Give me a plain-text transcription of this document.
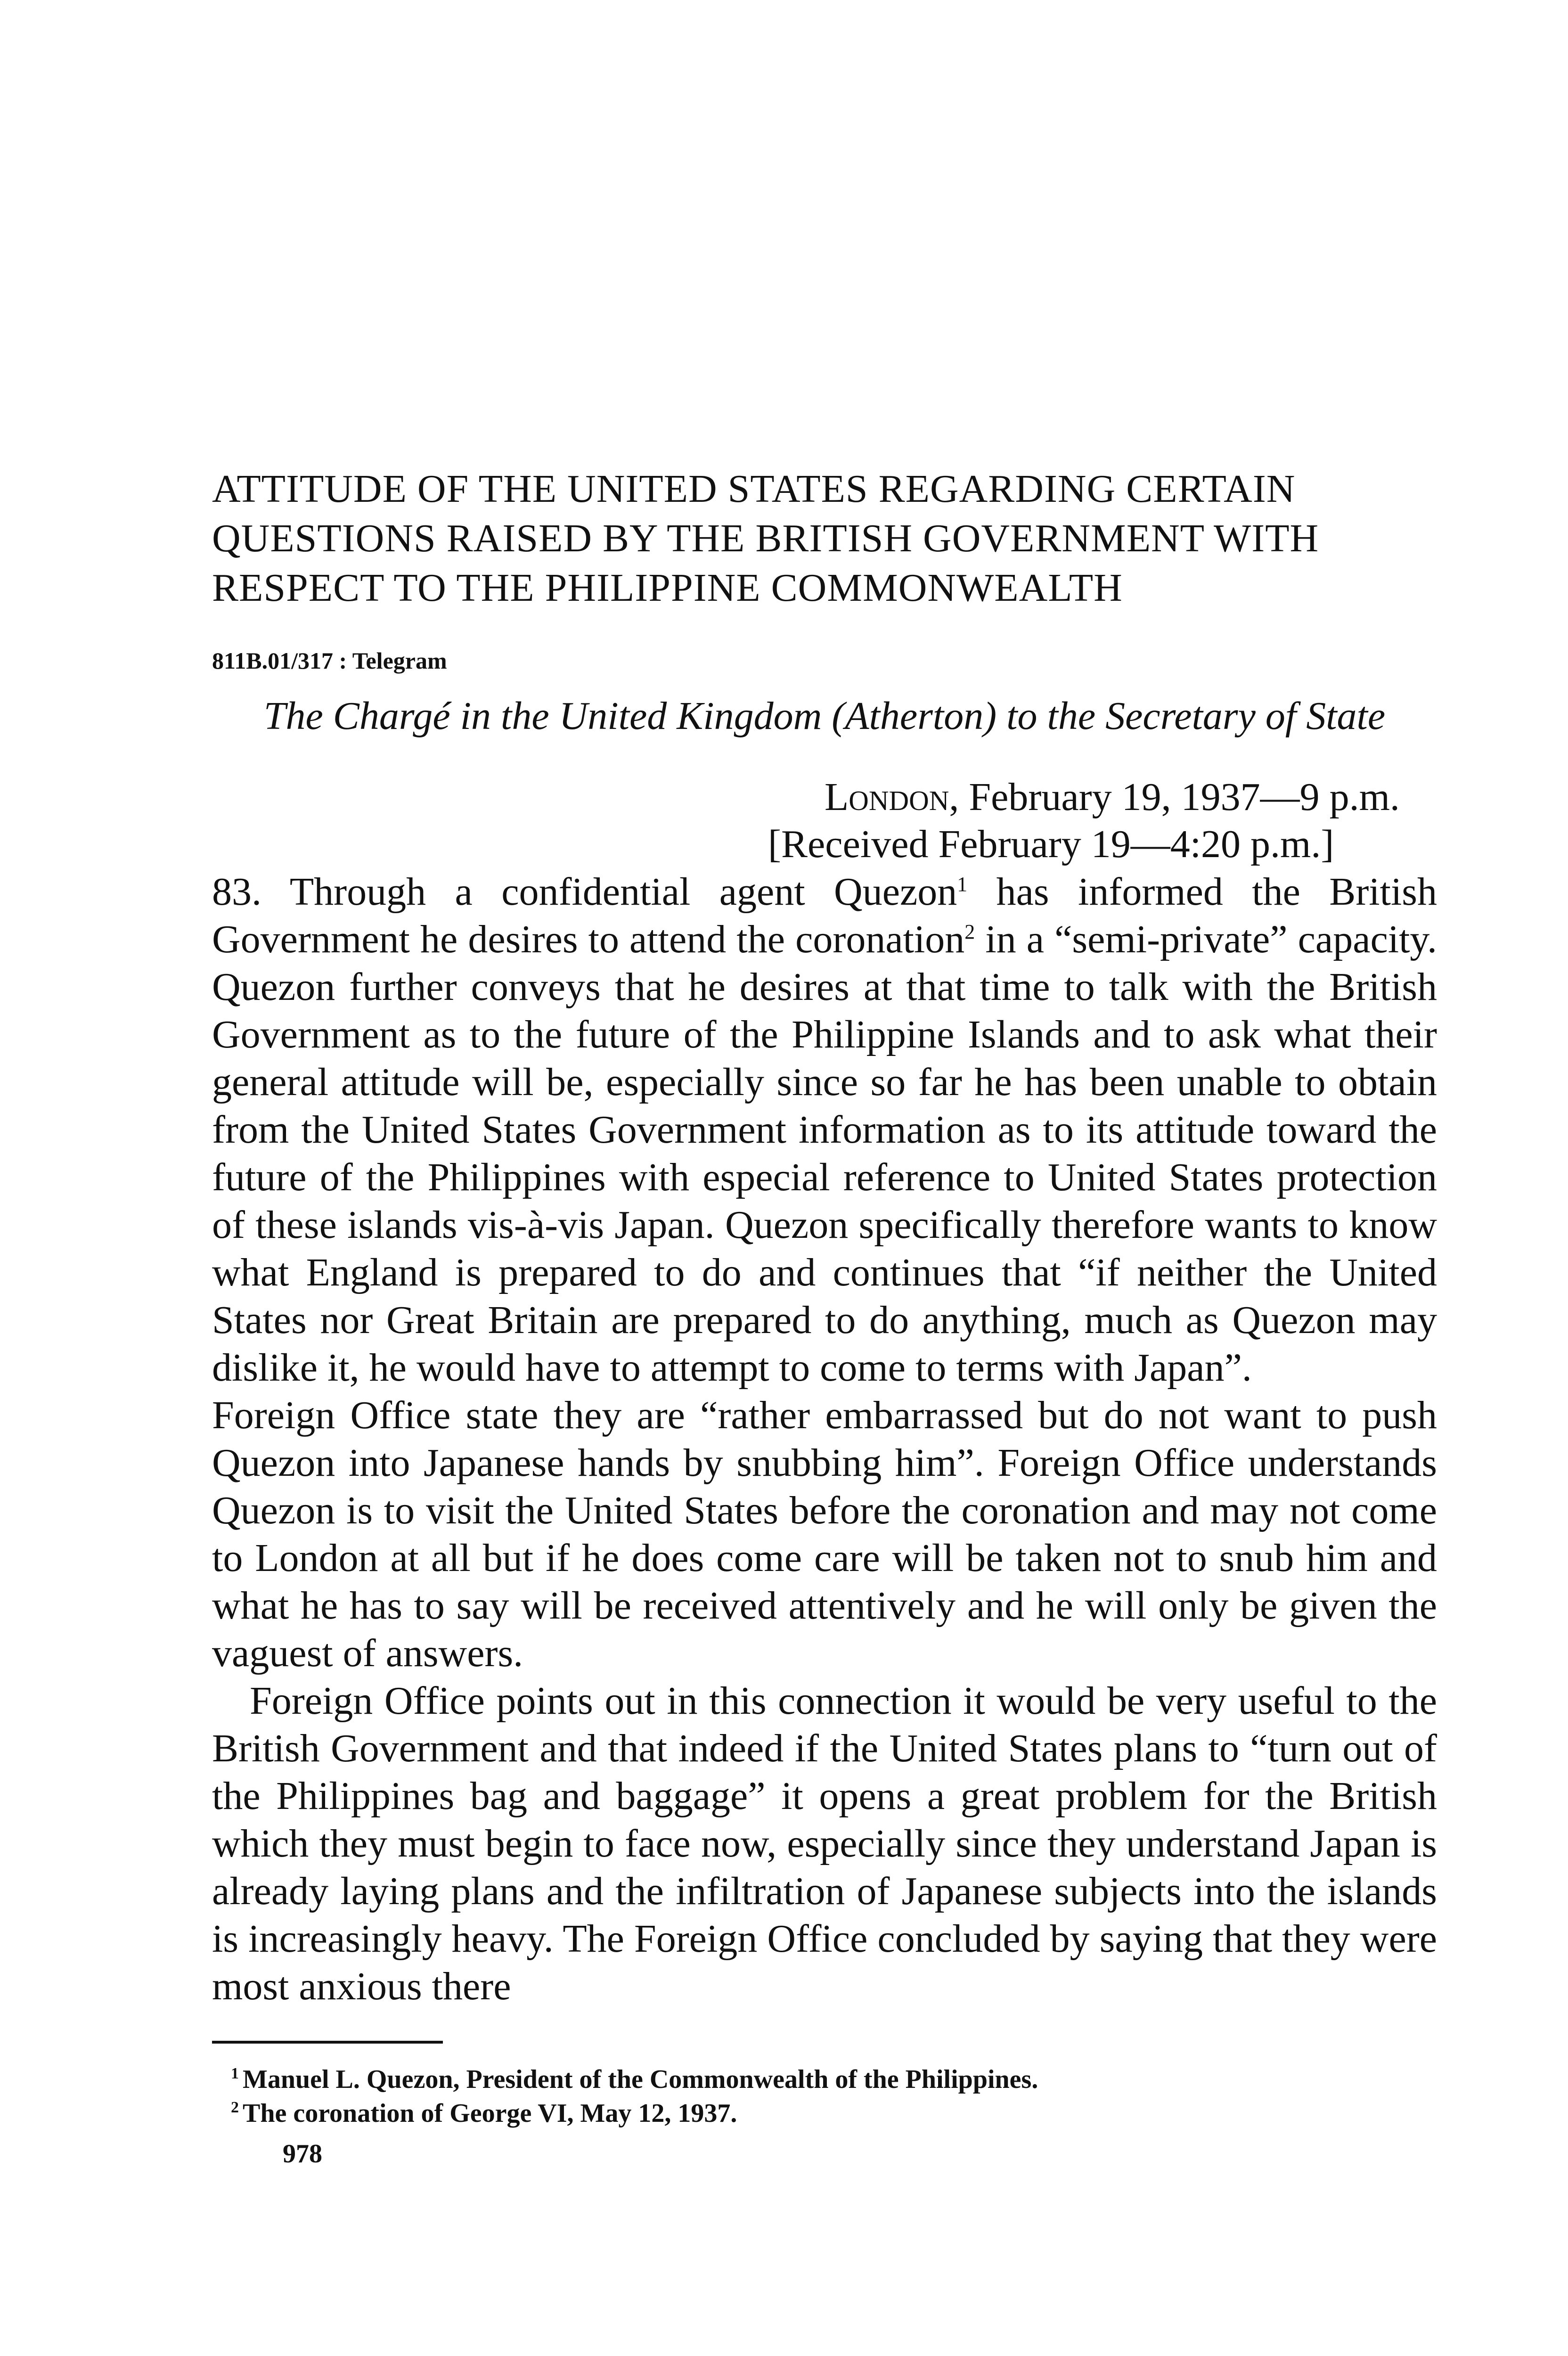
ATTITUDE OF THE UNITED STATES REGARDING CERTAIN QUESTIONS RAISED BY THE BRITISH GOVERNMENT WITH RESPECT TO THE PHILIPPINE COMMONWEALTH
811B.01/317 : Telegram
The Chargé in the United Kingdom (Atherton) to the Secretary of State
London, February 19, 1937—9 p.m.
[Received February 19—4:20 p.m.]

83. Through a confidential agent Quezon$^1$ has informed the British Government he desires to attend the coronation$^2$ in a “semi-private” capacity. Quezon further conveys that he desires at that time to talk with the British Government as to the future of the Philippine Islands and to ask what their general attitude will be, especially since so far he has been unable to obtain from the United States Government information as to its attitude toward the future of the Philippines with especial reference to United States protection of these islands vis-à-vis Japan. Quezon specifically therefore wants to know what England is prepared to do and continues that “if neither the United States nor Great Britain are prepared to do anything, much as Quezon may dislike it, he would have to attempt to come to terms with Japan”.

Foreign Office state they are “rather embarrassed but do not want to push Quezon into Japanese hands by snubbing him”. Foreign Office understands Quezon is to visit the United States before the coronation and may not come to London at all but if he does come care will be taken not to snub him and what he has to say will be received attentively and he will only be given the vaguest of answers.

Foreign Office points out in this connection it would be very useful to the British Government and that indeed if the United States plans to “turn out of the Philippines bag and baggage” it opens a great problem for the British which they must begin to face now, especially since they understand Japan is already laying plans and the infiltration of Japanese subjects into the islands is increasingly heavy. The Foreign Office concluded by saying that they were most anxious there

$^1$ Manuel L. Quezon, President of the Commonwealth of the Philippines.
$^2$ The coronation of George VI, May 12, 1937.
978
